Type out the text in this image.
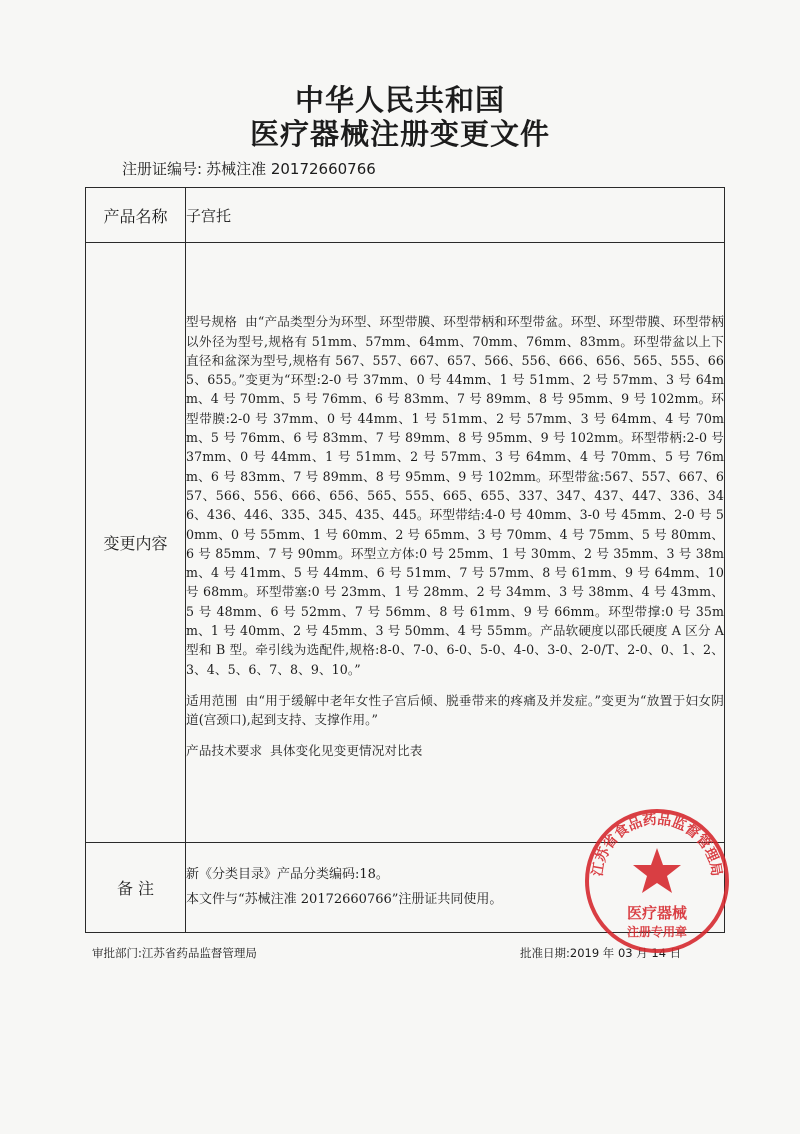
中华人民共和国
医疗器械注册变更文件
注册证编号: 苏械注准 20172660766
产品名称	子宫托
变更内容	型号规格 由“产品类型分为环型、环型带膜、环型带柄和环型带盆。环型、环型带膜、环型带柄以外径为型号,规格有 51mm、57mm、64mm、70mm、76mm、83mm。环型带盆以上下直径和盆深为型号,规格有 567、557、667、657、566、556、666、656、565、555、665、655。”变更为“环型:2-0 号 37mm、0 号 44mm、1 号 51mm、2 号 57mm、3 号 64mm、4 号 70mm、5 号 76mm、6 号 83mm、7 号 89mm、8 号 95mm、9 号 102mm。环型带膜:2-0 号 37mm、0 号 44mm、1 号 51mm、2 号 57mm、3 号 64mm、4 号 70mm、5 号 76mm、6 号 83mm、7 号 89mm、8 号 95mm、9 号 102mm。环型带柄:2-0 号 37mm、0 号 44mm、1 号 51mm、2 号 57mm、3 号 64mm、4 号 70mm、5 号 76mm、6 号 83mm、7 号 89mm、8 号 95mm、9 号 102mm。环型带盆:567、557、667、657、566、556、666、656、565、555、665、655、337、347、437、447、336、346、436、446、335、345、435、445。环型带结:4-0 号 40mm、3-0 号 45mm、2-0 号 50mm、0 号 55mm、1 号 60mm、2 号 65mm、3 号 70mm、4 号 75mm、5 号 80mm、6 号 85mm、7 号 90mm。环型立方体:0 号 25mm、1 号 30mm、2 号 35mm、3 号 38mm、4 号 41mm、5 号 44mm、6 号 51mm、7 号 57mm、8 号 61mm、9 号 64mm、10 号 68mm。环型带塞:0 号 23mm、1 号 28mm、2 号 34mm、3 号 38mm、4 号 43mm、5 号 48mm、6 号 52mm、7 号 56mm、8 号 61mm、9 号 66mm。环型带撑:0 号 35mm、1 号 40mm、2 号 45mm、3 号 50mm、4 号 55mm。产品软硬度以邵氏硬度 A 区分 A 型和 B 型。牵引线为选配件,规格:8-0、7-0、6-0、5-0、4-0、3-0、2-0/T、2-0、0、1、2、3、4、5、6、7、8、9、10。”

适用范围 由“用于缓解中老年女性子宫后倾、脱垂带来的疼痛及并发症。”变更为“放置于妇女阴道(宫颈口),起到支持、支撑作用。”

产品技术要求 具体变化见变更情况对比表

备 注	新《分类目录》产品分类编码:18。
本文件与“苏械注准 20172660766”注册证共同使用。
审批部门:江苏省药品监督管理局	批准日期:2019 年 03 月 14 日
江苏省食品药品监督管理局
医疗器械
注册专用章
